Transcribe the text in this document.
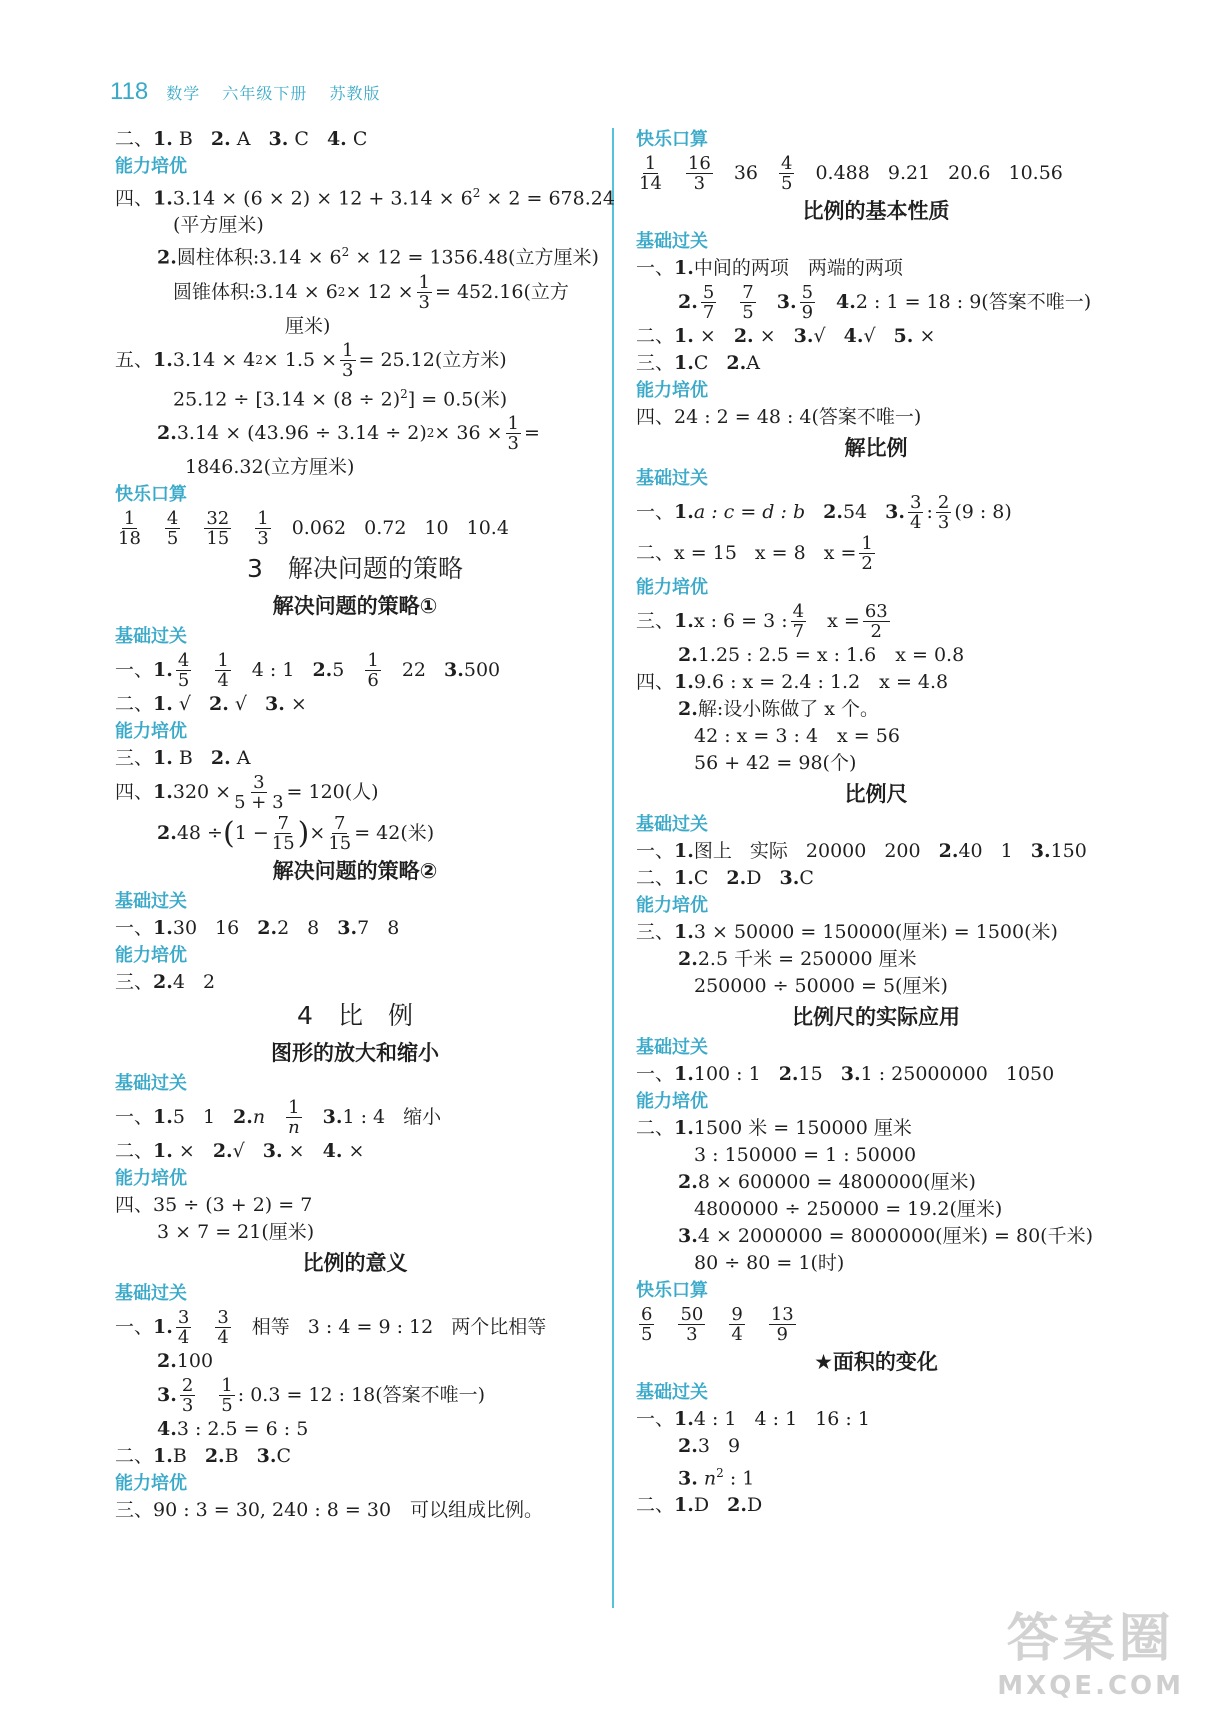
118 数学 六年级下册 苏教版
二、1. B 2. A 3. C 4. C
能力培优
四、$1.3.14 \times (6 \times 2) \times 12 + 3.14 \times 6^2 \times 2 = 678.24$
(平方厘米)
2.圆柱体积:3.14 × $6^2 \times 12 = 1356.48$(立方厘米)
圆锥体积:3.14 × 6 $2 \times 12 \times \frac{1}{3} = 452.16$(立方
厘米)
五、 1. 3.14 × 4 $2 \times 1.5 \times \frac{1}{3} = 25.12$(立方米)
$25.12 \div [3.14 \times (8 \div 2)^2] = 0.5$(米)
2. 3.14 × (43.96 ÷ 3.14 ÷ 2) $2 \times 36 \times \frac{1}{3}$ =
1846.32(立方厘米)
快乐口算
1
18
4
5
32
15
1
3 0.062 0.72 10 10.4
3　解决问题的策略
解决问题的策略①
基础过关
一、 1. 4
5
1
4 4 : 1 2. 5 1
6 22 3. 500
二、1. √ 2. √ 3. ×
能力培优
三、1. B 2. A
四、 1. $320 \times \frac{3}{5 + 3} = 120$(人)
2. 48 ÷ ( $1 - \frac{7}{15}$ ) × $\frac{7}{15} = 42$(米)
解决问题的策略②
基础过关
一、1.30 16 2.2 8 3.7 8
能力培优
三、2.4 2
4　比　例
图形的放大和缩小
基础过关
一、 1. 5 1 2. n 1
n 3. 1 : 4 缩小
二、1. × 2.√ 3. × 4. ×
能力培优
四、35 ÷ (3 + 2) = 7
3 × 7 = 21(厘米)
比例的意义
基础过关
一、 1. 3
4
3
4 相等 3 : 4 = 9 : 12 两个比相等
2.100
3. 2
3
1
5 : 0.3 = 12 : 18(答案不唯一)
4.3 : 2.5 = 6 : 5
二、1.B 2.B 3.C
能力培优
三、90 : 3 = 30, 240 : 8 = 30　可以组成比例。
快乐口算
1
14
16
3 36 4
5 0.488 9.21 20.6 10.56
比例的基本性质
基础过关
一、1.中间的两项　两端的两项
2. 5
7
7
5 3. 5
9 4. 2 : 1 = 18 : 9(答案不唯一)
二、1. × 2. × 3.√ 4.√ 5. ×
三、1.C 2.A
能力培优
四、24 : 2 = 48 : 4(答案不唯一)
解比例
基础过关
一、 1. a : c = d : b 2. 54 3. 3
4 : 2
3 (9 : 8)
二、 x = 15 x = 8 $x = \frac{1}{2}$
能力培优
三、 1. x : 6 = 3 : 4
7 $x = \frac{63}{2}$
2.1.25 : 2.5 = x : 1.6　x = 0.8
四、1.9.6 : x = 2.4 : 1.2　x = 4.8
2.解:设小陈做了 x 个。
42 : x = 3 : 4　x = 56
56 + 42 = 98(个)
比例尺
基础过关
一、1.图上 实际 20000 200 2.40 1 3.150
二、1.C 2.D 3.C
能力培优
三、1.3 × 50000 = 150000(厘米) = 1500(米)
2.2.5 千米 = 250000 厘米
250000 ÷ 50000 = 5(厘米)
比例尺的实际应用
基础过关
一、1.100 : 1 2.15 3.1 : 25000000 1050
能力培优
二、1.1500 米 = 150000 厘米
3 : 150000 = 1 : 50000
2.8 × 600000 = 4800000(厘米)
4800000 ÷ 250000 = 19.2(厘米)
3.4 × 2000000 = 8000000(厘米) = 80(千米)
80 ÷ 80 = 1(时)
快乐口算
6
5
50
3
9
4
13
9
★面积的变化
基础过关
一、1.4 : 1 4 : 1 16 : 1
2.3 9
3. $n^2$ : 1
二、1.D 2.D
答案圈
MXQE.COM
